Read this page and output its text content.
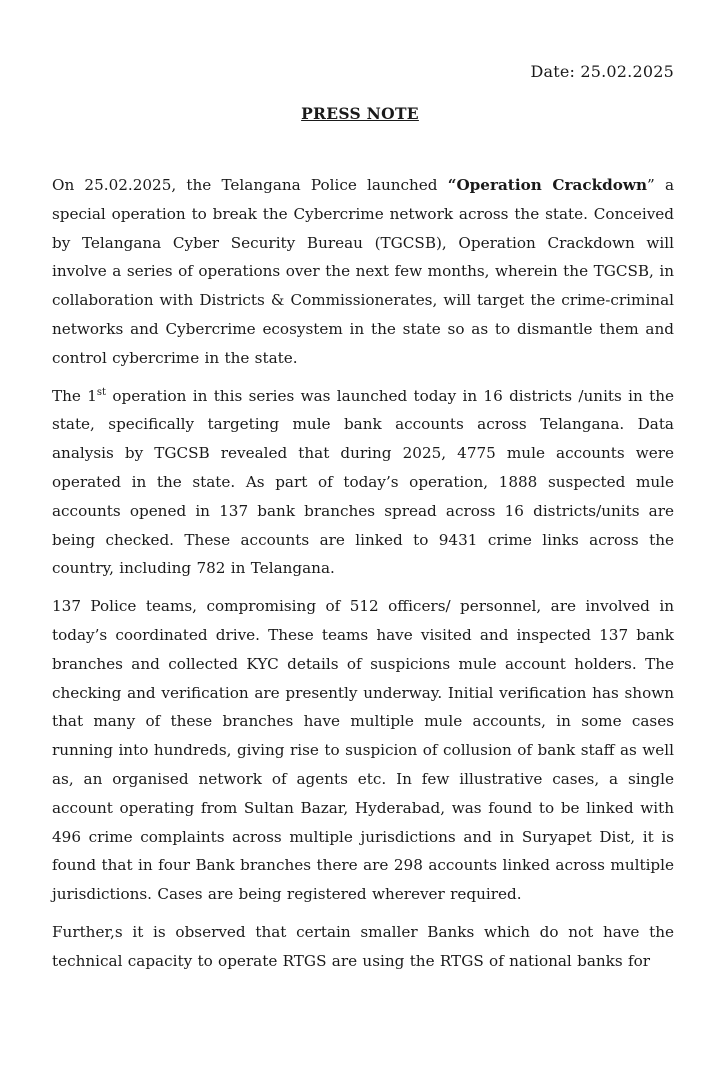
Date: 25.02.2025
PRESS NOTE

On 25.02.2025, the Telangana Police launched “Operation Crackdown” a special operation to break the Cybercrime network across the state. Conceived by Telangana Cyber Security Bureau (TGCSB), Operation Crackdown will involve a series of operations over the next few months, wherein the TGCSB, in collaboration with Districts & Commissionerates, will target the crime-criminal networks and Cybercrime ecosystem in the state so as to dismantle them and control cybercrime in the state.

The 1st operation in this series was launched today in 16 districts /units in the state, specifically targeting mule bank accounts across Telangana. Data analysis by TGCSB revealed that during 2025, 4775 mule accounts were operated in the state. As part of today’s operation, 1888 suspected mule accounts opened in 137 bank branches spread across 16 districts/units are being checked. These accounts are linked to 9431 crime links across the country, including 782 in Telangana.

137 Police teams, compromising of 512 officers/ personnel, are involved in today’s coordinated drive. These teams have visited and inspected 137 bank branches and collected KYC details of suspicions mule account holders. The checking and verification are presently underway. Initial verification has shown that many of these branches have multiple mule accounts, in some cases running into hundreds, giving rise to suspicion of collusion of bank staff as well as, an organised network of agents etc. In few illustrative cases, a single account operating from Sultan Bazar, Hyderabad, was found to be linked with 496 crime complaints across multiple jurisdictions and in Suryapet Dist, it is found that in four Bank branches there are 298 accounts linked across multiple jurisdictions. Cases are being registered wherever required.

Further,s it is observed that certain smaller Banks which do not have the technical capacity to operate RTGS are using the RTGS of national banks for
